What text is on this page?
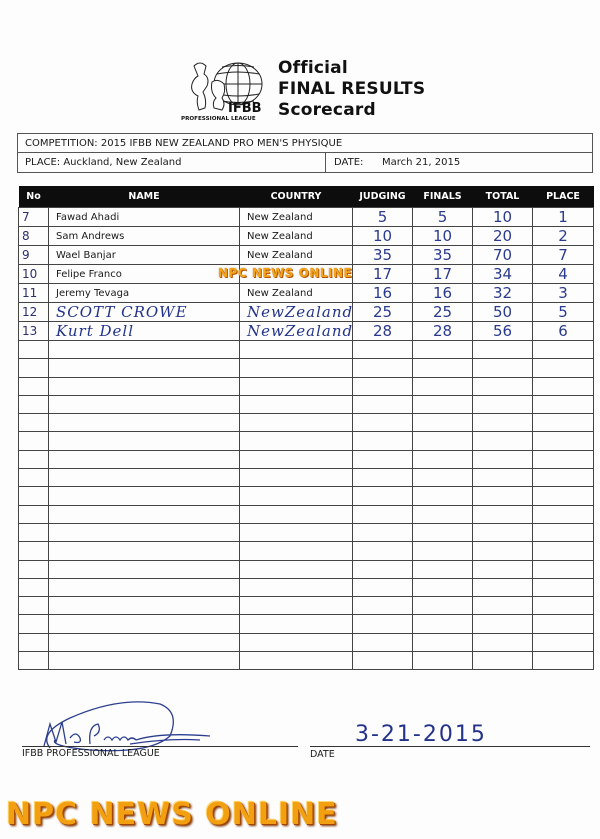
IFBB
PROFESSIONAL LEAGUE
Official
FINAL RESULTS
Scorecard
COMPETITION: 2015 IFBB NEW ZEALAND PRO MEN'S PHYSIQUE
PLACE: Auckland, New Zealand	DATE: March 21, 2015
No	NAME	COUNTRY	JUDGING	FINALS	TOTAL	PLACE
7	Fawad Ahadi	New Zealand	5	5	10	1
8	Sam Andrews	New Zealand	10	10	20	2
9	Wael Banjar	New Zealand	35	35	70	7
10	Felipe Franco		17	17	34	4
11	Jeremy Tevaga	New Zealand	16	16	32	3
12	SCOTT CROWE	NewZealand	25	25	50	5
13	Kurt Dell	NewZealand	28	28	56	6

NPC NEWS ONLINE
IFBB PROFESSIONAL LEAGUE
3-21-2015
DATE
NPC NEWS ONLINE
